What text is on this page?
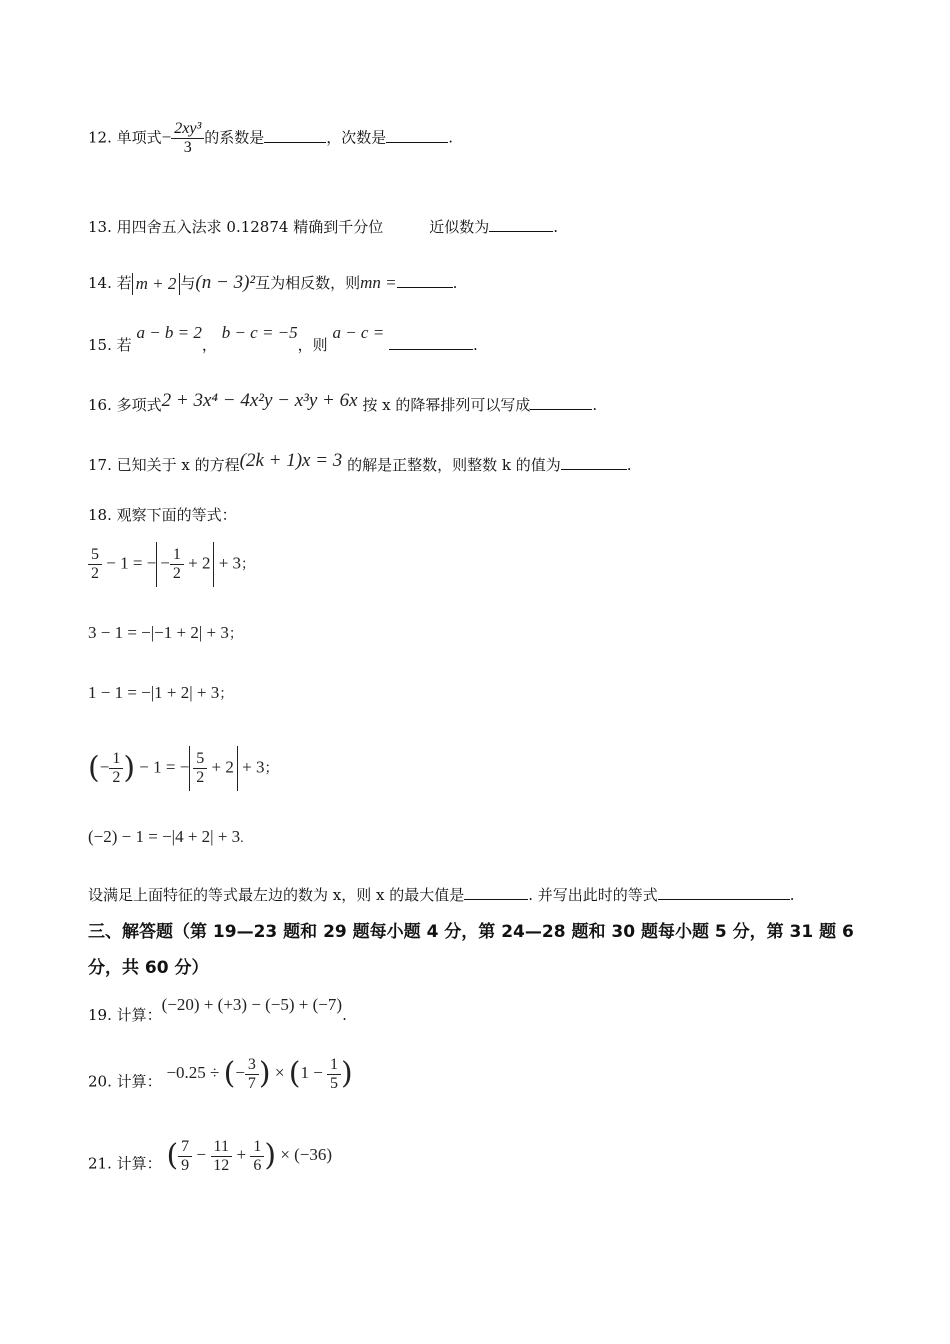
12. 单项式− $\frac{\text{2xy³}}{3}$ 的系数是	，次数是	.
13. 用四舍五入法求 0.12874 精确到千分位	近似数为	.
14. 若 m + 2 与(n − 3)²互为相反数，则mn =	.
15. 若 a − b = 2， b − c = −5，则 a − c = .
16. 多项式2 + 3x⁴ − 4x²y − x³y + 6x 按 x 的降幂排列可以写成	.
17. 已知关于 x 的方程(2k + 1)x = 3 的解是正整数，则整数 k 的值为	.
18. 观察下面的等式：
$\frac{5}{2} - 1$ = − − $\frac{1}{2} + 2 + 3$；
3 − 1 = −|−1 + 2| + 3；
1 − 1 = −|1 + 2| + 3；
(− $\frac{1}{2}$ ) − 1 = − $\frac{5}{2} + 2 + 3$；
(−2) − 1 = −|4 + 2| + 3.
设满足上面特征的等式最左边的数为 x，则 x 的最大值是	. 并写出此时的等式	.
三、解答题（第 19—23 题和 29 题每小题 4 分，第 24—28 题和 30 题每小题 5 分，第 31 题 6 分，共 60 分）
19. 计算：(−20) + (+3) − (−5) + (−7).
20. 计算： −0.25 ÷ (− $\frac{3}{7}$ ) × ($1 - \frac{1}{5}$ )
21. 计算： ( $\frac{7}{9} - \frac{11}{12} + \frac{1}{6}$ ) × (−36)
